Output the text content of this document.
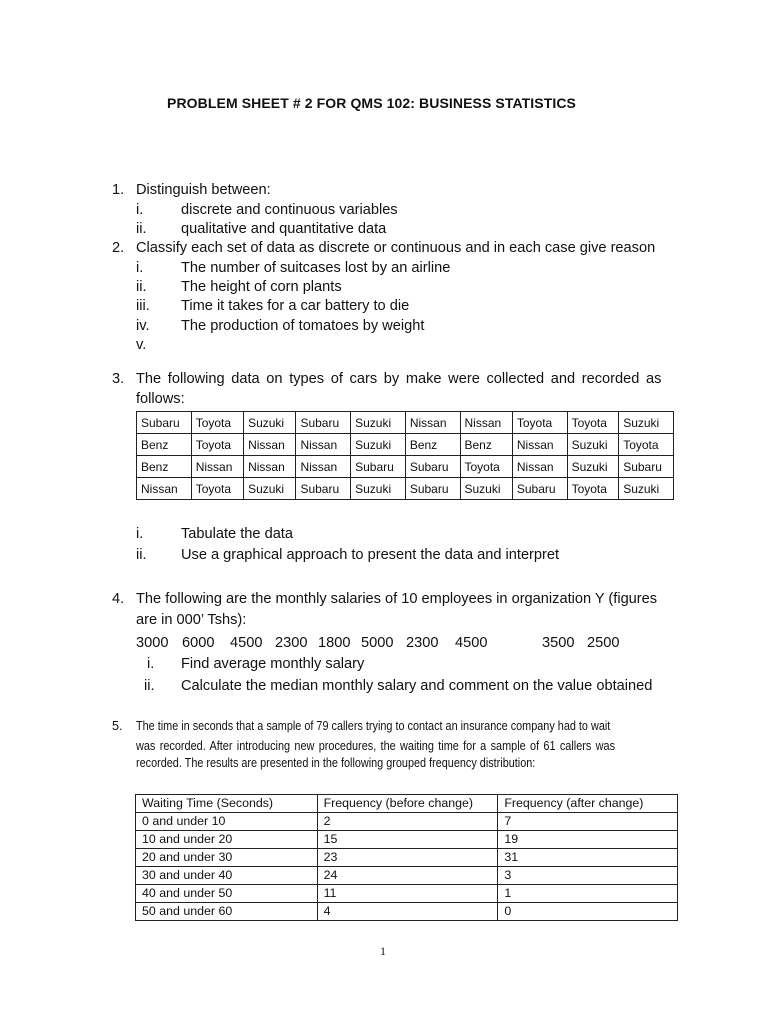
PROBLEM SHEET # 2 FOR QMS 102: BUSINESS STATISTICS
1. Distinguish between:
i.	discrete and continuous variables
ii. qualitative and quantitative data
2. Classify each set of data as discrete or continuous and in each case give reason
i.	The number of suitcases lost by an airline
ii. The height of corn plants
iii. Time it takes for a car battery to die
iv. The production of tomatoes by weight
v.
3. The following data on types of cars by make were collected and recorded as
follows:
Subaru	Toyota	Suzuki	Subaru	Suzuki	Nissan	Nissan	Toyota	Toyota	Suzuki
Benz	Toyota	Nissan	Nissan	Suzuki	Benz	Benz	Nissan	Suzuki	Toyota
Benz	Nissan	Nissan	Nissan	Subaru	Subaru	Toyota	Nissan	Suzuki	Subaru
Nissan	Toyota	Suzuki	Subaru	Suzuki	Subaru	Suzuki	Subaru	Toyota	Suzuki
i.	Tabulate the data
ii. Use a graphical approach to present the data and interpret
4. The following are the monthly salaries of 10 employees in organization Y (figures
are in 000’ Tshs):
3000 6000 4500 2300 1800 5000 2300 4500	3500 2500
i. Find average monthly salary
ii. Calculate the median monthly salary and comment on the value obtained
5. The time in seconds that a sample of 79 callers trying to contact an insurance company had to wait
was recorded. After introducing new procedures, the waiting time for a sample of 61 callers was
recorded. The results are presented in the following grouped frequency distribution:
Waiting Time (Seconds)	Frequency (before change)	Frequency (after change)
0 and under 10	2	7
10 and under 20	15	19
20 and under 30	23	31
30 and under 40	24	3
40 and under 50	11	1
50 and under 60	4	0
1
